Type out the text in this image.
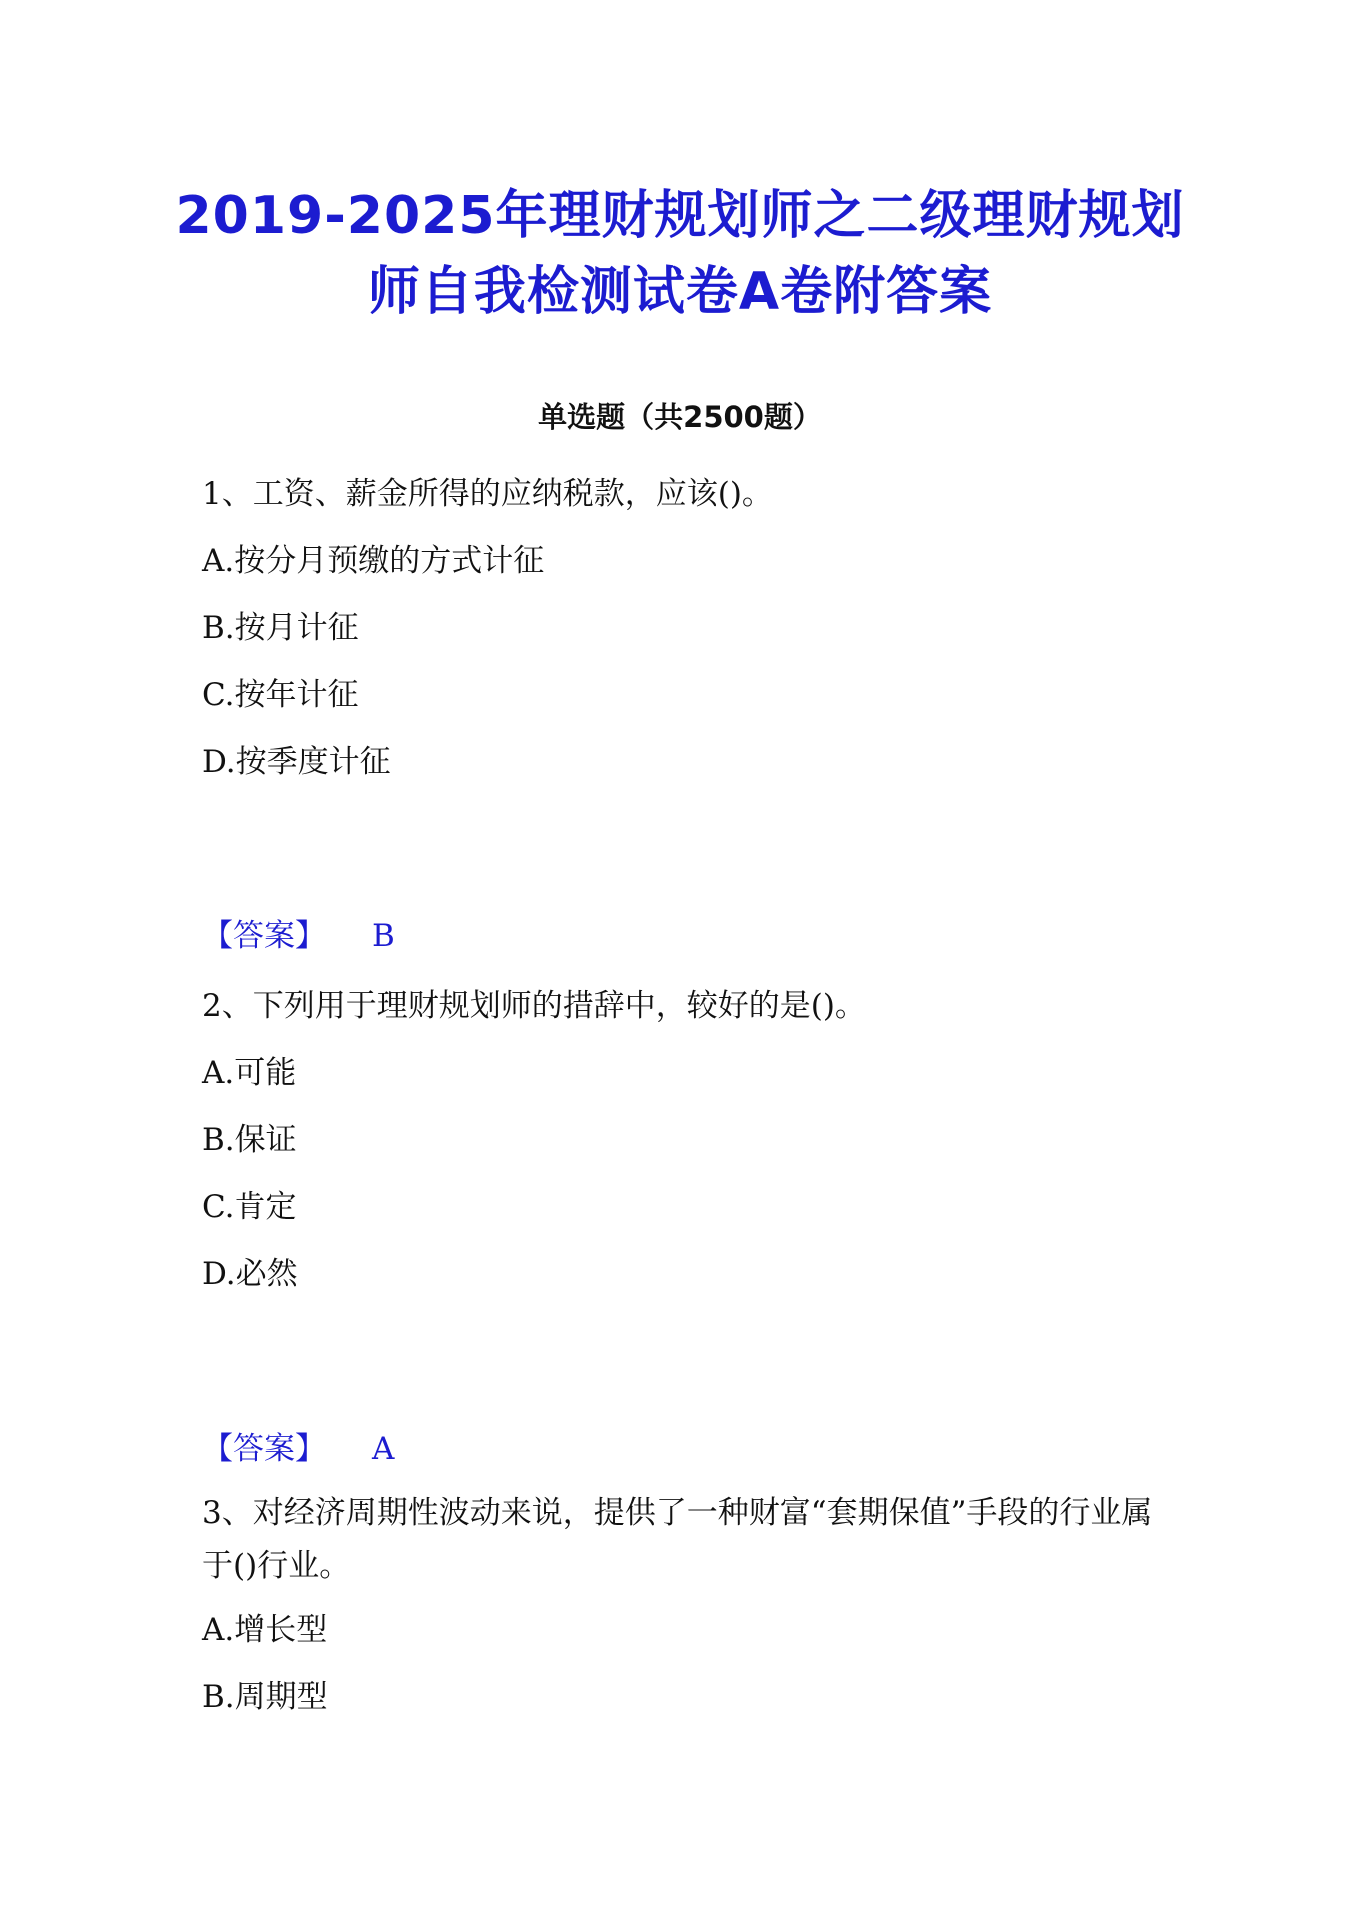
2019-2025年理财规划师之二级理财规划
师自我检测试卷A卷附答案
单选题（共2500题）
1、工资、薪金所得的应纳税款，应该()。
A.按分月预缴的方式计征
B.按月计征
C.按年计征
D.按季度计征
【答案】 B
2、下列用于理财规划师的措辞中，较好的是()。
A.可能
B.保证
C.肯定
D.必然
【答案】 A
3、对经济周期性波动来说，提供了一种财富“套期保值”手段的行业属于()行业。
A.增长型
B.周期型
